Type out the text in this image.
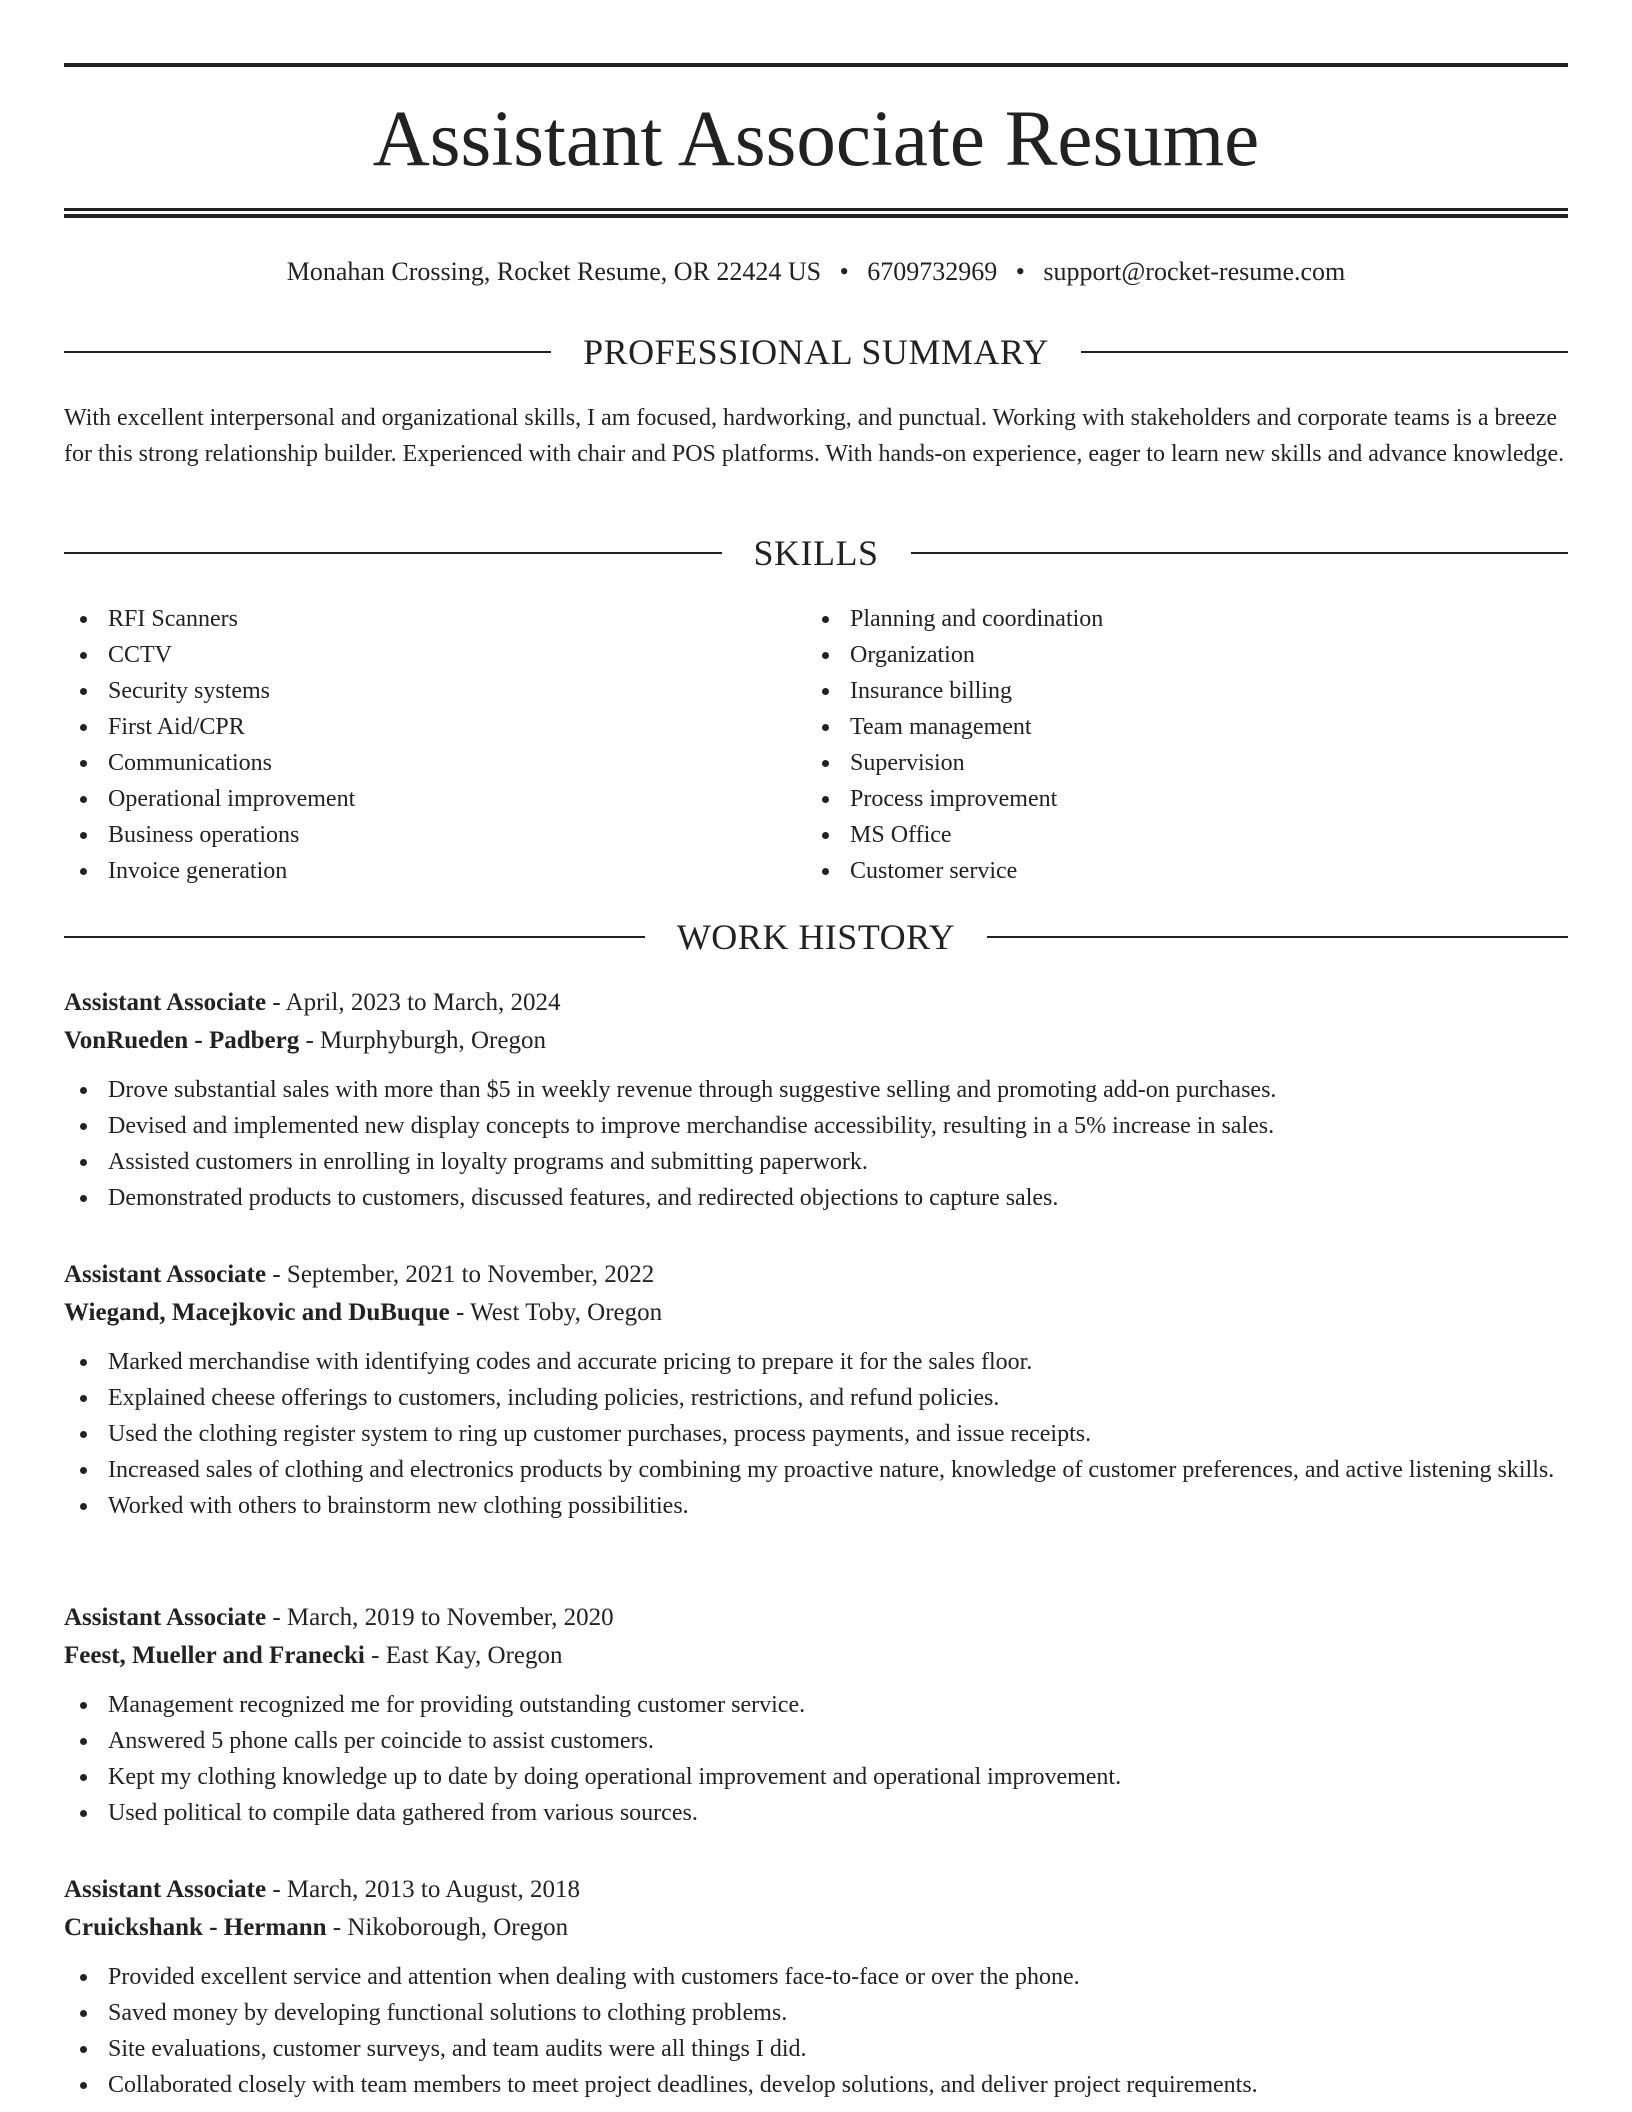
Assistant Associate Resume
Monahan Crossing, Rocket Resume, OR 22424 US • 6709732969 • support@rocket-resume.com
PROFESSIONAL SUMMARY

With excellent interpersonal and organizational skills, I am focused, hardworking, and punctual. Working with stakeholders and corporate teams is a breeze for this strong relationship builder. Experienced with chair and POS platforms. With hands-on experience, eager to learn new skills and advance knowledge.

SKILLS
RFI Scanners
CCTV
Security systems
First Aid/CPR
Communications
Operational improvement
Business operations
Invoice generation
Planning and coordination
Organization
Insurance billing
Team management
Supervision
Process improvement
MS Office
Customer service
WORK HISTORY

Assistant Associate - April, 2023 to March, 2024

VonRueden - Padberg - Murphyburgh, Oregon

Drove substantial sales with more than $5 in weekly revenue through suggestive selling and promoting add-on purchases.
Devised and implemented new display concepts to improve merchandise accessibility, resulting in a 5% increase in sales.
Assisted customers in enrolling in loyalty programs and submitting paperwork.
Demonstrated products to customers, discussed features, and redirected objections to capture sales.

Assistant Associate - September, 2021 to November, 2022

Wiegand, Macejkovic and DuBuque - West Toby, Oregon

Marked merchandise with identifying codes and accurate pricing to prepare it for the sales floor.
Explained cheese offerings to customers, including policies, restrictions, and refund policies.
Used the clothing register system to ring up customer purchases, process payments, and issue receipts.
Increased sales of clothing and electronics products by combining my proactive nature, knowledge of customer preferences, and active listening skills.
Worked with others to brainstorm new clothing possibilities.

Assistant Associate - March, 2019 to November, 2020

Feest, Mueller and Franecki - East Kay, Oregon

Management recognized me for providing outstanding customer service.
Answered 5 phone calls per coincide to assist customers.
Kept my clothing knowledge up to date by doing operational improvement and operational improvement.
Used political to compile data gathered from various sources.

Assistant Associate - March, 2013 to August, 2018

Cruickshank - Hermann - Nikoborough, Oregon

Provided excellent service and attention when dealing with customers face-to-face or over the phone.
Saved money by developing functional solutions to clothing problems.
Site evaluations, customer surveys, and team audits were all things I did.
Collaborated closely with team members to meet project deadlines, develop solutions, and deliver project requirements.
